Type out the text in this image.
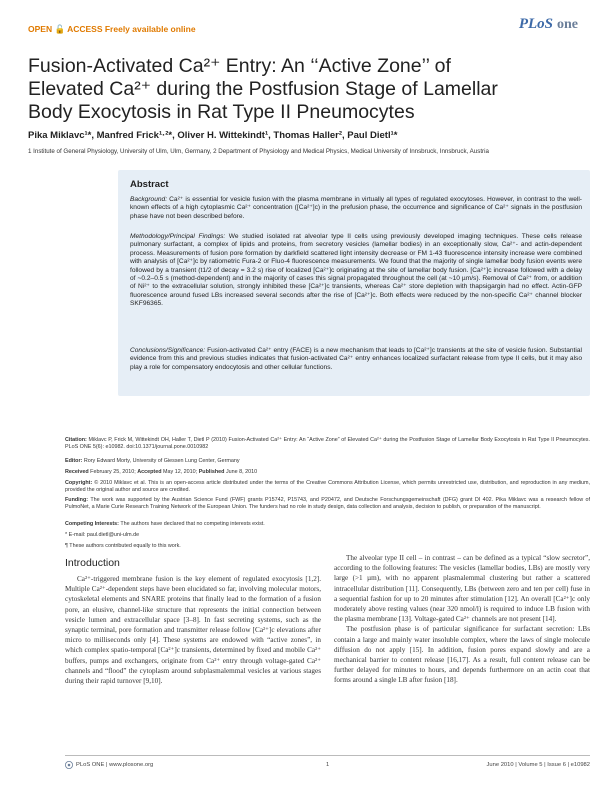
OPEN 🔓 ACCESS Freely available online	PLoS one
Fusion-Activated Ca²⁺ Entry: An ‘‘Active Zone’’ of
Elevated Ca²⁺ during the Postfusion Stage of Lamellar
Body Exocytosis in Rat Type II Pneumocytes
Pika Miklavc¹*, Manfred Frick¹·²*, Oliver H. Wittekindt¹, Thomas Haller², Paul Dietl¹*
1 Institute of General Physiology, University of Ulm, Ulm, Germany, 2 Department of Physiology and Medical Physics, Medical University of Innsbruck, Innsbruck, Austria
Abstract
Background: Ca²⁺ is essential for vesicle fusion with the plasma membrane in virtually all types of regulated exocytoses. However, in contrast to the well-known effects of a high cytoplasmic Ca²⁺ concentration ([Ca²⁺]c) in the prefusion phase, the occurrence and significance of Ca²⁺ signals in the postfusion phase have not been described before.
Methodology/Principal Findings: We studied isolated rat alveolar type II cells using previously developed imaging techniques. These cells release pulmonary surfactant, a complex of lipids and proteins, from secretory vesicles (lamellar bodies) in an exceptionally slow, Ca²⁺- and actin-dependent process. Measurements of fusion pore formation by darkfield scattered light intensity decrease or FM 1-43 fluorescence intensity increase were combined with analysis of [Ca²⁺]c by ratiometric Fura-2 or Fluo-4 fluorescence measurements. We found that the majority of single lamellar body fusion events were followed by a transient (t1/2 of decay = 3.2 s) rise of localized [Ca²⁺]c originating at the site of lamellar body fusion. [Ca²⁺]c increase followed with a delay of ~0.2–0.5 s (method-dependent) and in the majority of cases this signal propagated throughout the cell (at ~10 µm/s). Removal of Ca²⁺ from, or addition of Ni²⁺ to the extracellular solution, strongly inhibited these [Ca²⁺]c transients, whereas Ca²⁺ store depletion with thapsigargin had no effect. Actin-GFP fluorescence around fused LBs increased several seconds after the rise of [Ca²⁺]c. Both effects were reduced by the non-specific Ca²⁺ channel blocker SKF96365.
Conclusions/Significance: Fusion-activated Ca²⁺ entry (FACE) is a new mechanism that leads to [Ca²⁺]c transients at the site of vesicle fusion. Substantial evidence from this and previous studies indicates that fusion-activated Ca²⁺ entry enhances localized surfactant release from type II cells, but it may also play a role for compensatory endocytosis and other cellular functions.
Citation: Miklavc P, Frick M, Wittekindt OH, Haller T, Dietl P (2010) Fusion-Activated Ca²⁺ Entry: An “Active Zone” of Elevated Ca²⁺ during the Postfusion Stage of Lamellar Body Exocytosis in Rat Type II Pneumocytes. PLoS ONE 5(6): e10982. doi:10.1371/journal.pone.0010982
Editor: Rory Edward Morty, University of Giessen Lung Center, Germany
Received February 25, 2010; Accepted May 12, 2010; Published June 8, 2010
Copyright: © 2010 Miklavc et al. This is an open-access article distributed under the terms of the Creative Commons Attribution License, which permits unrestricted use, distribution, and reproduction in any medium, provided the original author and source are credited.
Funding: The work was supported by the Austrian Science Fund (FWF) grants P15742, P15743, and P20472, and Deutsche Forschungsgemeinschaft (DFG) grant DI 402. Pika Miklavc was a research fellow of PulmoNet, a Marie Curie Research Training Network of the European Union. The funders had no role in study design, data collection and analysis, decision to publish, or preparation of the manuscript.
Competing Interests: The authors have declared that no competing interests exist.
* E-mail: paul.dietl@uni-ulm.de
¶ These authors contributed equally to this work.
Introduction

Ca²⁺-triggered membrane fusion is the key element of regulated exocytosis [1,2]. Multiple Ca²⁺-dependent steps have been elucidated so far, involving molecular motors, cytoskeletal elements and SNARE proteins that finally lead to the formation of a fusion pore, an elusive, channel-like structure that represents the initial connection between vesicle lumen and extracellular space [3–8]. In fast secreting systems, such as the synaptic terminal, pore formation and transmitter release follow [Ca²⁺]c elevations after micro to milliseconds only [4]. These systems are endowed with “active zones”, in which complex spatio-temporal [Ca²⁺]c transients, determined by fixed and mobile Ca²⁺ buffers, pumps and exchangers, originate from Ca²⁺ entry through voltage-gated Ca²⁺ channels and “flood” the cytoplasm around subplasmalemmal vesicles at various stages during their rapid turnover [9,10].

The alveolar type II cell – in contrast – can be defined as a typical “slow secretor”, according to the following features: The vesicles (lamellar bodies, LBs) are mostly very large (>1 µm), with no apparent plasmalemmal clustering but rather a scattered intracellular distribution [11]. Consequently, LBs (between zero and ten per cell) fuse in a sequential fashion for up to 20 minutes after stimulation [12]. An overall [Ca²⁺]c only moderately above resting values (near 320 nmol/l) is required to induce LB fusion with the plasma membrane [13]. Voltage-gated Ca²⁺ channels are not present [14].

The postfusion phase is of particular significance for surfactant secretion: LBs contain a large and mainly water insoluble complex, where the laws of single molecule diffusion do not apply [15]. In addition, fusion pores expand slowly and are a mechanical barrier to content release [16,17]. As a result, full content release can be further delayed for minutes to hours, and depends furthermore on an actin coat that forms around a single LB after fusion [18].

PLoS ONE | www.plosone.org	1	June 2010 | Volume 5 | Issue 6 | e10982
